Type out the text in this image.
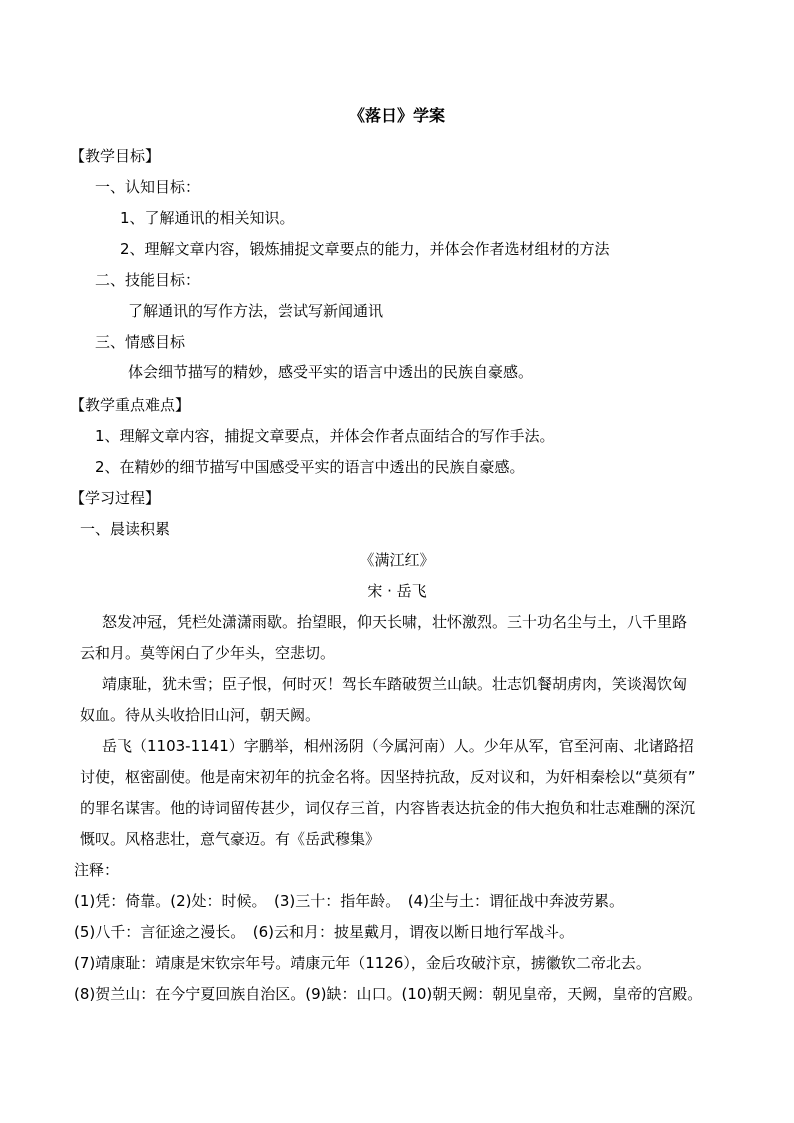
《落日》学案
【教学目标】
一、认知目标：
1、了解通讯的相关知识。
2、理解文章内容，锻炼捕捉文章要点的能力，并体会作者选材组材的方法
二、技能目标：
了解通讯的写作方法，尝试写新闻通讯
三、情感目标
体会细节描写的精妙，感受平实的语言中透出的民族自豪感。
【教学重点难点】
1、理解文章内容，捕捉文章要点，并体会作者点面结合的写作手法。
2、在精妙的细节描写中国感受平实的语言中透出的民族自豪感。
【学习过程】
一、晨读积累
《满江红》
宋 · 岳飞
怒发冲冠，凭栏处潇潇雨歇。抬望眼，仰天长啸，壮怀激烈。三十功名尘与土，八千里路
云和月。莫等闲白了少年头，空悲切。
靖康耻，犹未雪；臣子恨，何时灭！驾长车踏破贺兰山缺。壮志饥餐胡虏肉，笑谈渴饮匈
奴血。待从头收拾旧山河，朝天阙。
岳飞（1103-1141）字鹏举，相州汤阴（今属河南）人。少年从军，官至河南、北诸路招
讨使，枢密副使。他是南宋初年的抗金名将。因坚持抗敌，反对议和，为奸相秦桧以“莫须有”
的罪名谋害。他的诗词留传甚少，词仅存三首，内容皆表达抗金的伟大抱负和壮志难酬的深沉
慨叹。风格悲壮，意气豪迈。有《岳武穆集》
注释：
(1)凭：倚靠。(2)处：时候。　(3)三十：指年龄。　(4)尘与土：谓征战中奔波劳累。
(5)八千：言征途之漫长。　(6)云和月：披星戴月，谓夜以断日地行军战斗。
(7)靖康耻：靖康是宋钦宗年号。靖康元年（1126），金后攻破汴京，掳徽钦二帝北去。
(8)贺兰山：在今宁夏回族自治区。(9)缺：山口。(10)朝天阙：朝见皇帝，天阙，皇帝的宫殿。
